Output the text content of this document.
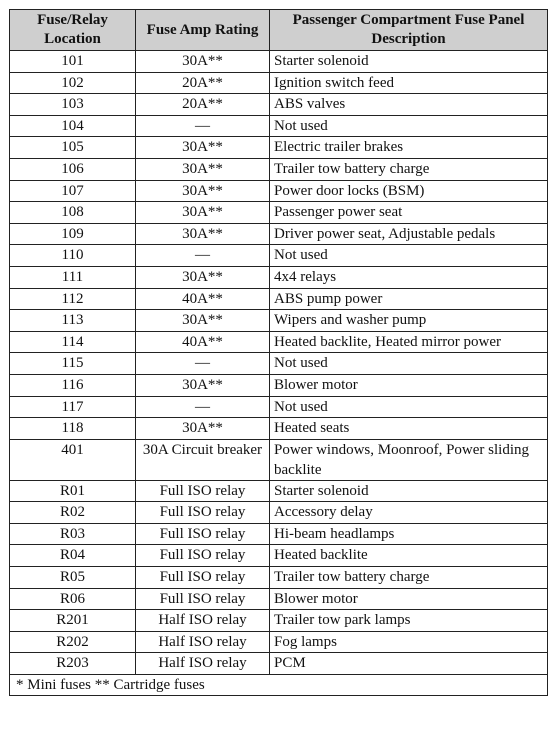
Fuse/Relay Location	Fuse Amp Rating	Passenger Compartment Fuse Panel Description
101	30A**	Starter solenoid
102	20A**	Ignition switch feed
103	20A**	ABS valves
104	—	Not used
105	30A**	Electric trailer brakes
106	30A**	Trailer tow battery charge
107	30A**	Power door locks (BSM)
108	30A**	Passenger power seat
109	30A**	Driver power seat, Adjustable pedals
110	—	Not used
111	30A**	4x4 relays
112	40A**	ABS pump power
113	30A**	Wipers and washer pump
114	40A**	Heated backlite, Heated mirror power
115	—	Not used
116	30A**	Blower motor
117	—	Not used
118	30A**	Heated seats
401	30A Circuit breaker	Power windows, Moonroof, Power sliding backlite
R01	Full ISO relay	Starter solenoid
R02	Full ISO relay	Accessory delay
R03	Full ISO relay	Hi-beam headlamps
R04	Full ISO relay	Heated backlite
R05	Full ISO relay	Trailer tow battery charge
R06	Full ISO relay	Blower motor
R201	Half ISO relay	Trailer tow park lamps
R202	Half ISO relay	Fog lamps
R203	Half ISO relay	PCM
* Mini fuses ** Cartridge fuses		
